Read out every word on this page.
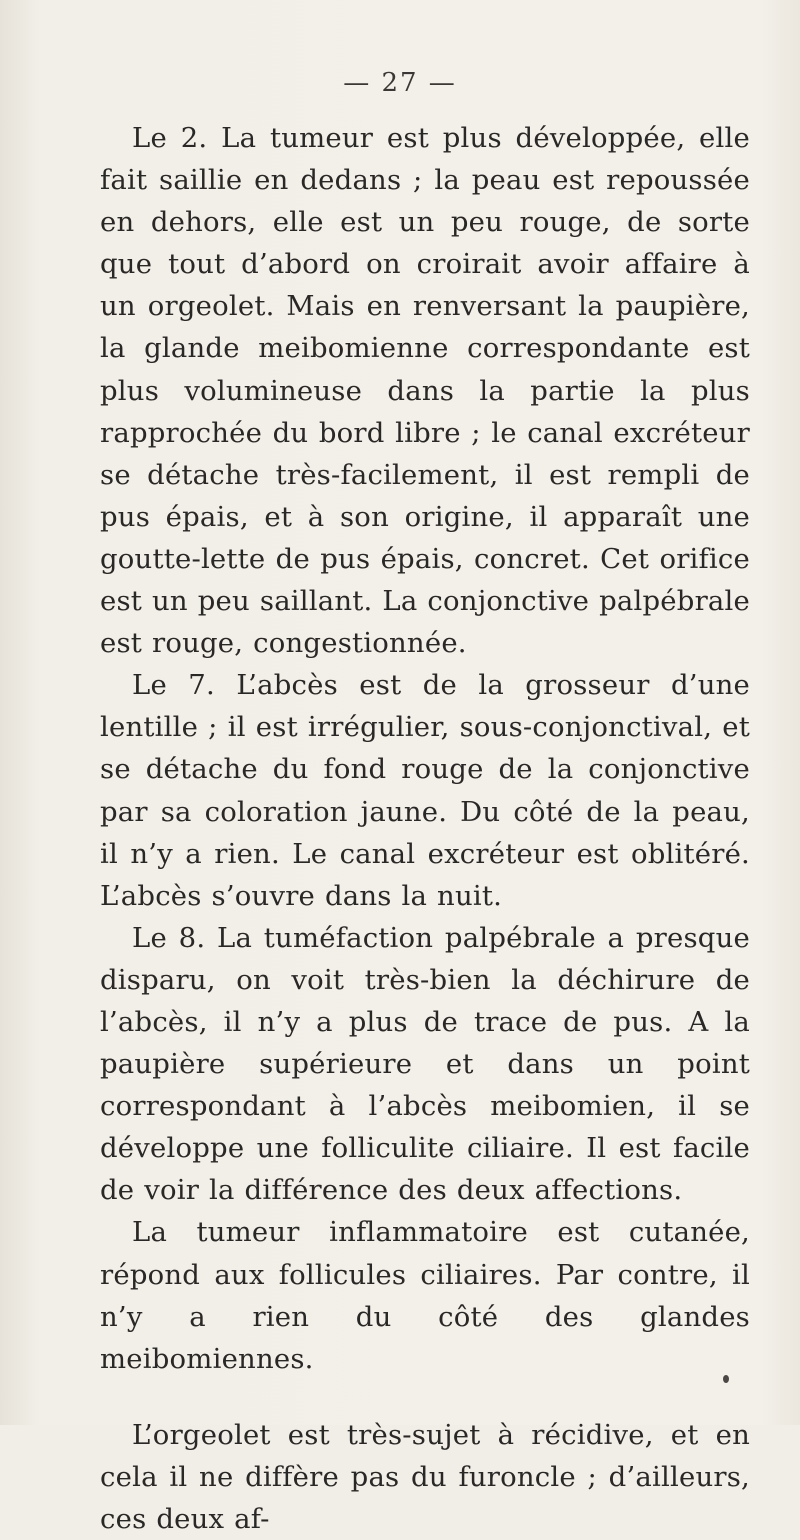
— 27 —

Le 2. La tumeur est plus développée, elle fait saillie en dedans ; la peau est repoussée en dehors, elle est un peu rouge, de sorte que tout d’abord on croirait avoir affaire à un orgeolet. Mais en renversant la paupière, la glande meibomienne correspondante est plus volumineuse dans la partie la plus rapprochée du bord libre ; le canal excréteur se détache très-facilement, il est rempli de pus épais, et à son origine, il apparaît une goutte-lette de pus épais, concret. Cet orifice est un peu saillant. La conjonctive palpébrale est rouge, congestionnée.

Le 7. L’abcès est de la grosseur d’une lentille ; il est irrégulier, sous-conjonctival, et se détache du fond rouge de la conjonctive par sa coloration jaune. Du côté de la peau, il n’y a rien. Le canal excréteur est oblitéré. L’abcès s’ouvre dans la nuit.

Le 8. La tuméfaction palpébrale a presque disparu, on voit très-bien la déchirure de l’abcès, il n’y a plus de trace de pus. A la paupière supérieure et dans un point correspondant à l’abcès meibomien, il se développe une folliculite ciliaire. Il est facile de voir la différence des deux affections.

La tumeur inflammatoire est cutanée, répond aux follicules ciliaires. Par contre, il n’y a rien du côté des glandes meibomiennes.

L’orgeolet est très-sujet à récidive, et en cela il ne diffère pas du furoncle ; d’ailleurs, ces deux af-
